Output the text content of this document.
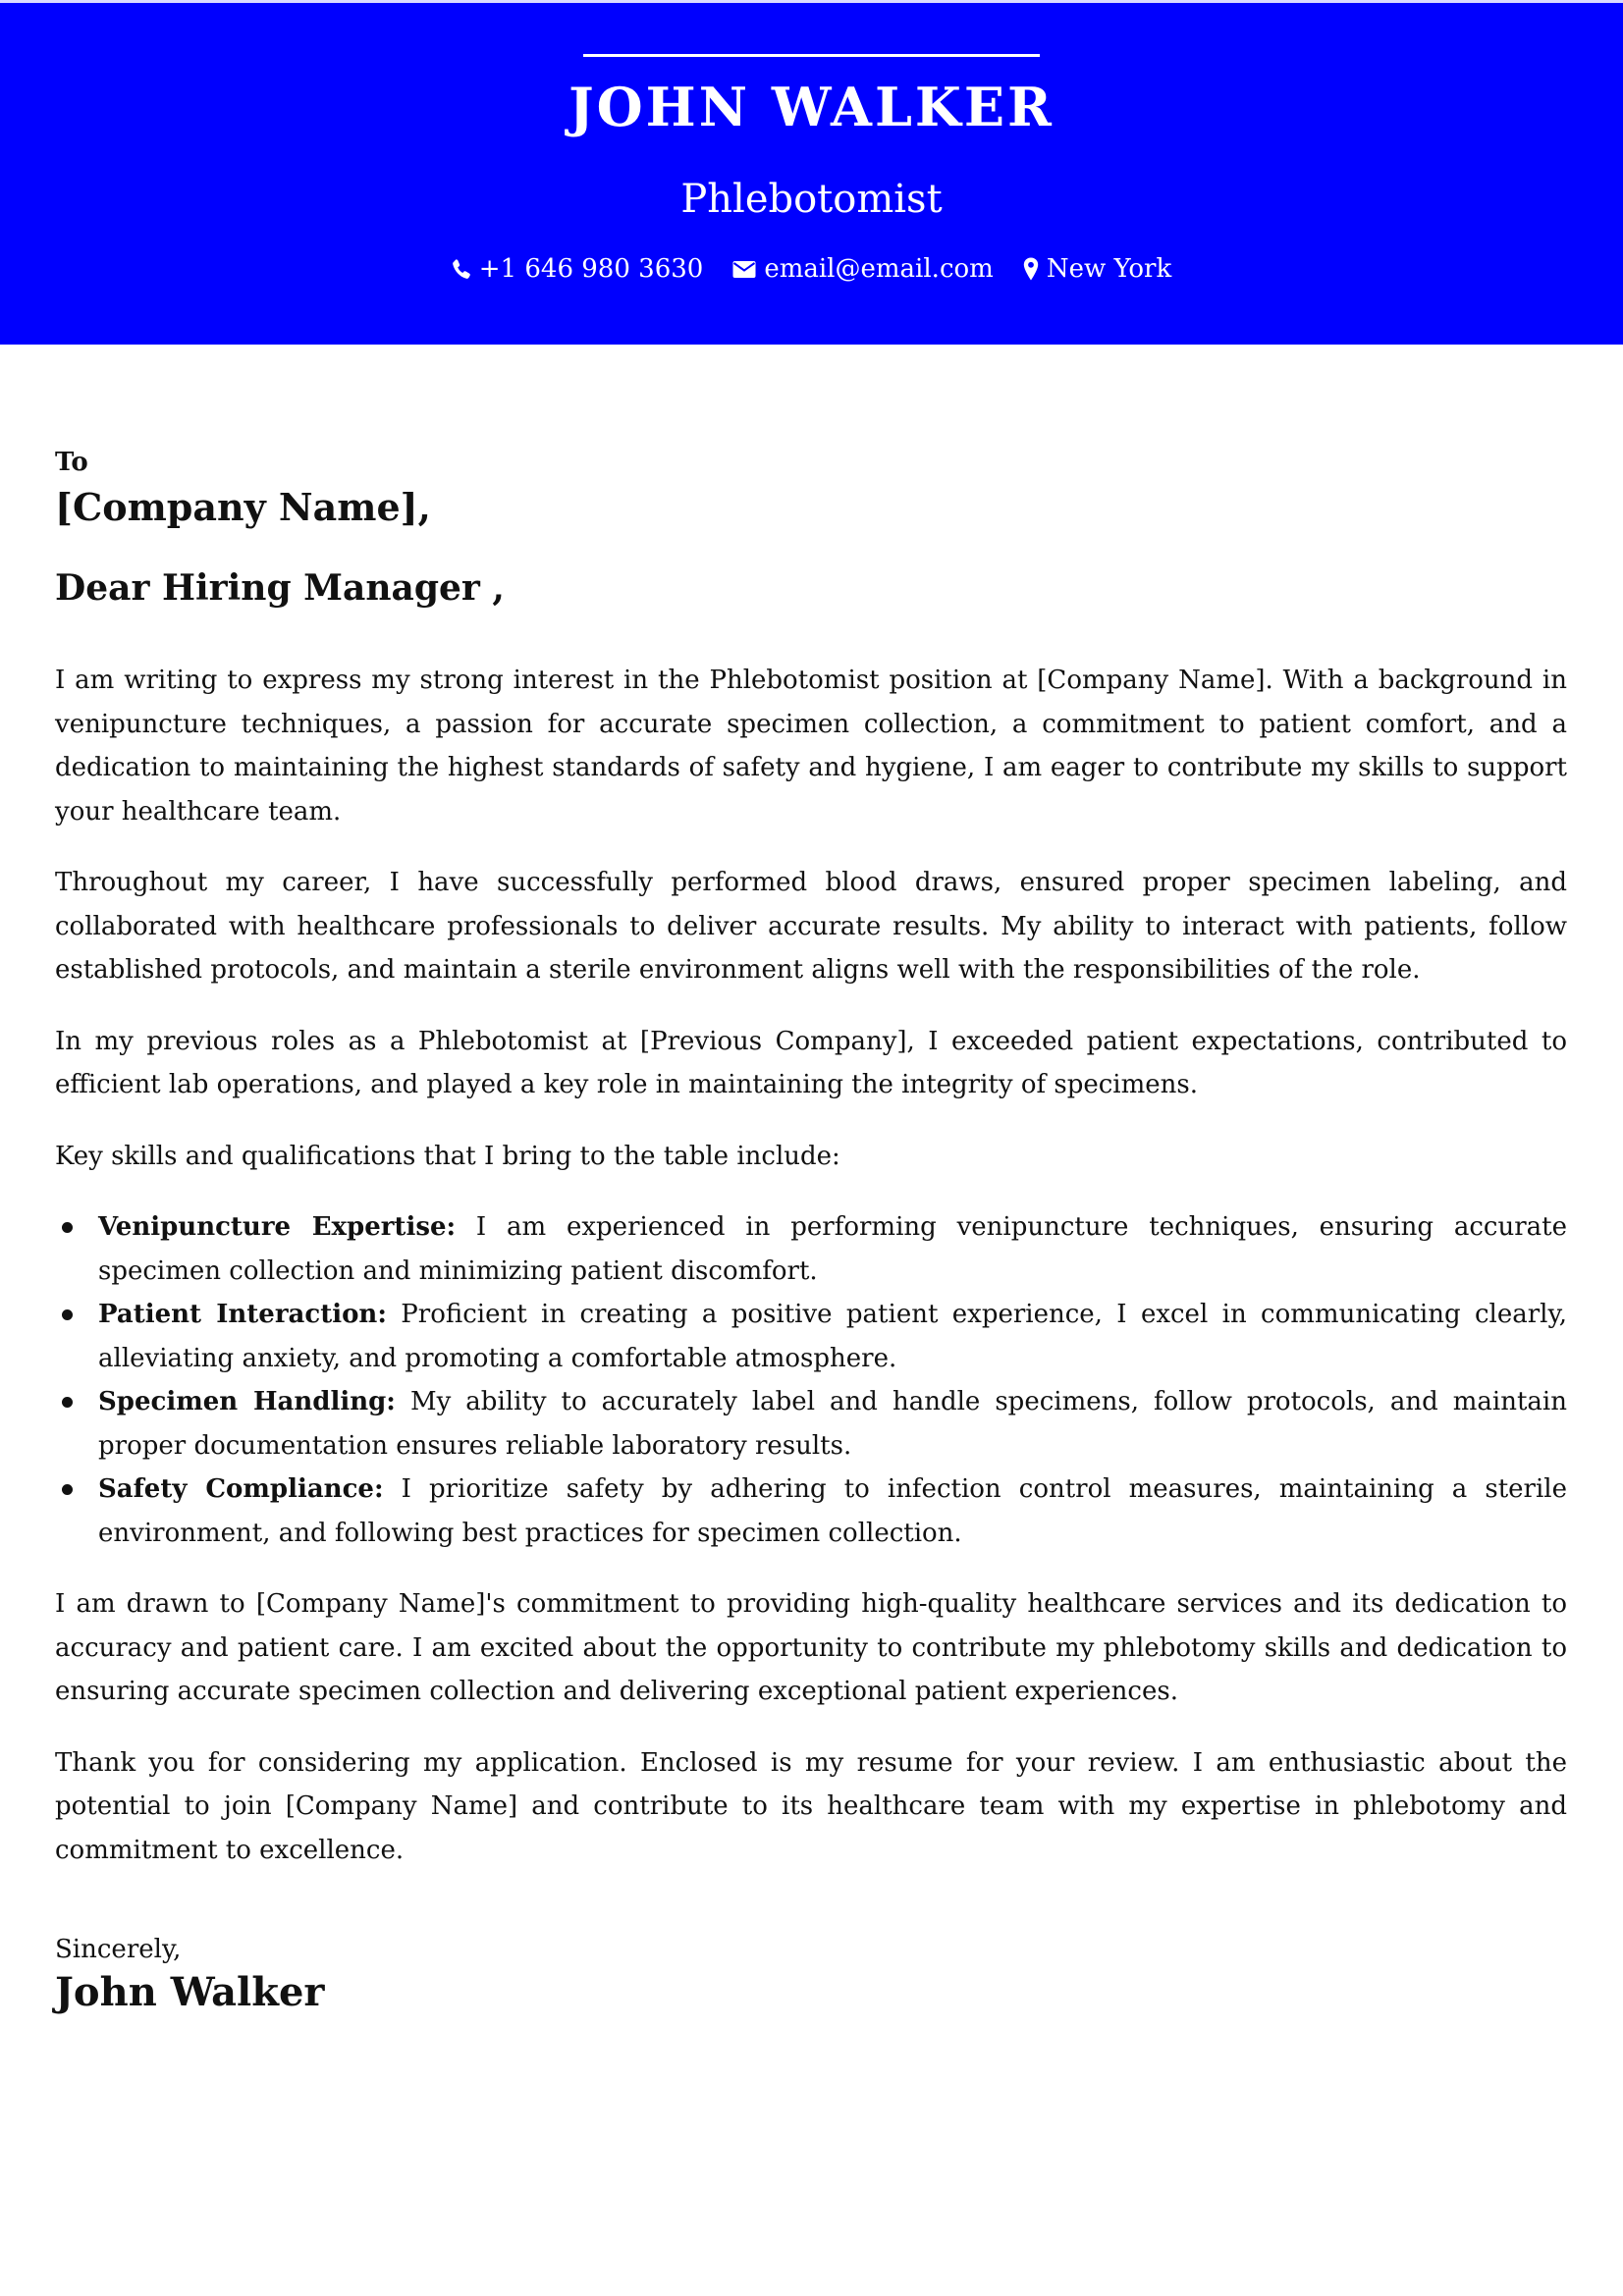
JOHN WALKER
Phlebotomist
+1 646 980 3630 email@email.com New York

To

[Company Name],

Dear Hiring Manager ,

I am writing to express my strong interest in the Phlebotomist position at [Company Name]. With a background in venipuncture techniques, a passion for accurate specimen collection, a commitment to patient comfort, and a dedication to maintaining the highest standards of safety and hygiene, I am eager to contribute my skills to support your healthcare team.

Throughout my career, I have successfully performed blood draws, ensured proper specimen labeling, and collaborated with healthcare professionals to deliver accurate results. My ability to interact with patients, follow established protocols, and maintain a sterile environment aligns well with the responsibilities of the role.

In my previous roles as a Phlebotomist at [Previous Company], I exceeded patient expectations, contributed to efficient lab operations, and played a key role in maintaining the integrity of specimens.

Key skills and qualifications that I bring to the table include:

Venipuncture Expertise: I am experienced in performing venipuncture techniques, ensuring accurate specimen collection and minimizing patient discomfort.
Patient Interaction: Proficient in creating a positive patient experience, I excel in communicating clearly, alleviating anxiety, and promoting a comfortable atmosphere.
Specimen Handling: My ability to accurately label and handle specimens, follow protocols, and maintain proper documentation ensures reliable laboratory results.
Safety Compliance: I prioritize safety by adhering to infection control measures, maintaining a sterile environment, and following best practices for specimen collection.

I am drawn to [Company Name]'s commitment to providing high-quality healthcare services and its dedication to accuracy and patient care. I am excited about the opportunity to contribute my phlebotomy skills and dedication to ensuring accurate specimen collection and delivering exceptional patient experiences.

Thank you for considering my application. Enclosed is my resume for your review. I am enthusiastic about the potential to join [Company Name] and contribute to its healthcare team with my expertise in phlebotomy and commitment to excellence.

Sincerely,

John Walker
